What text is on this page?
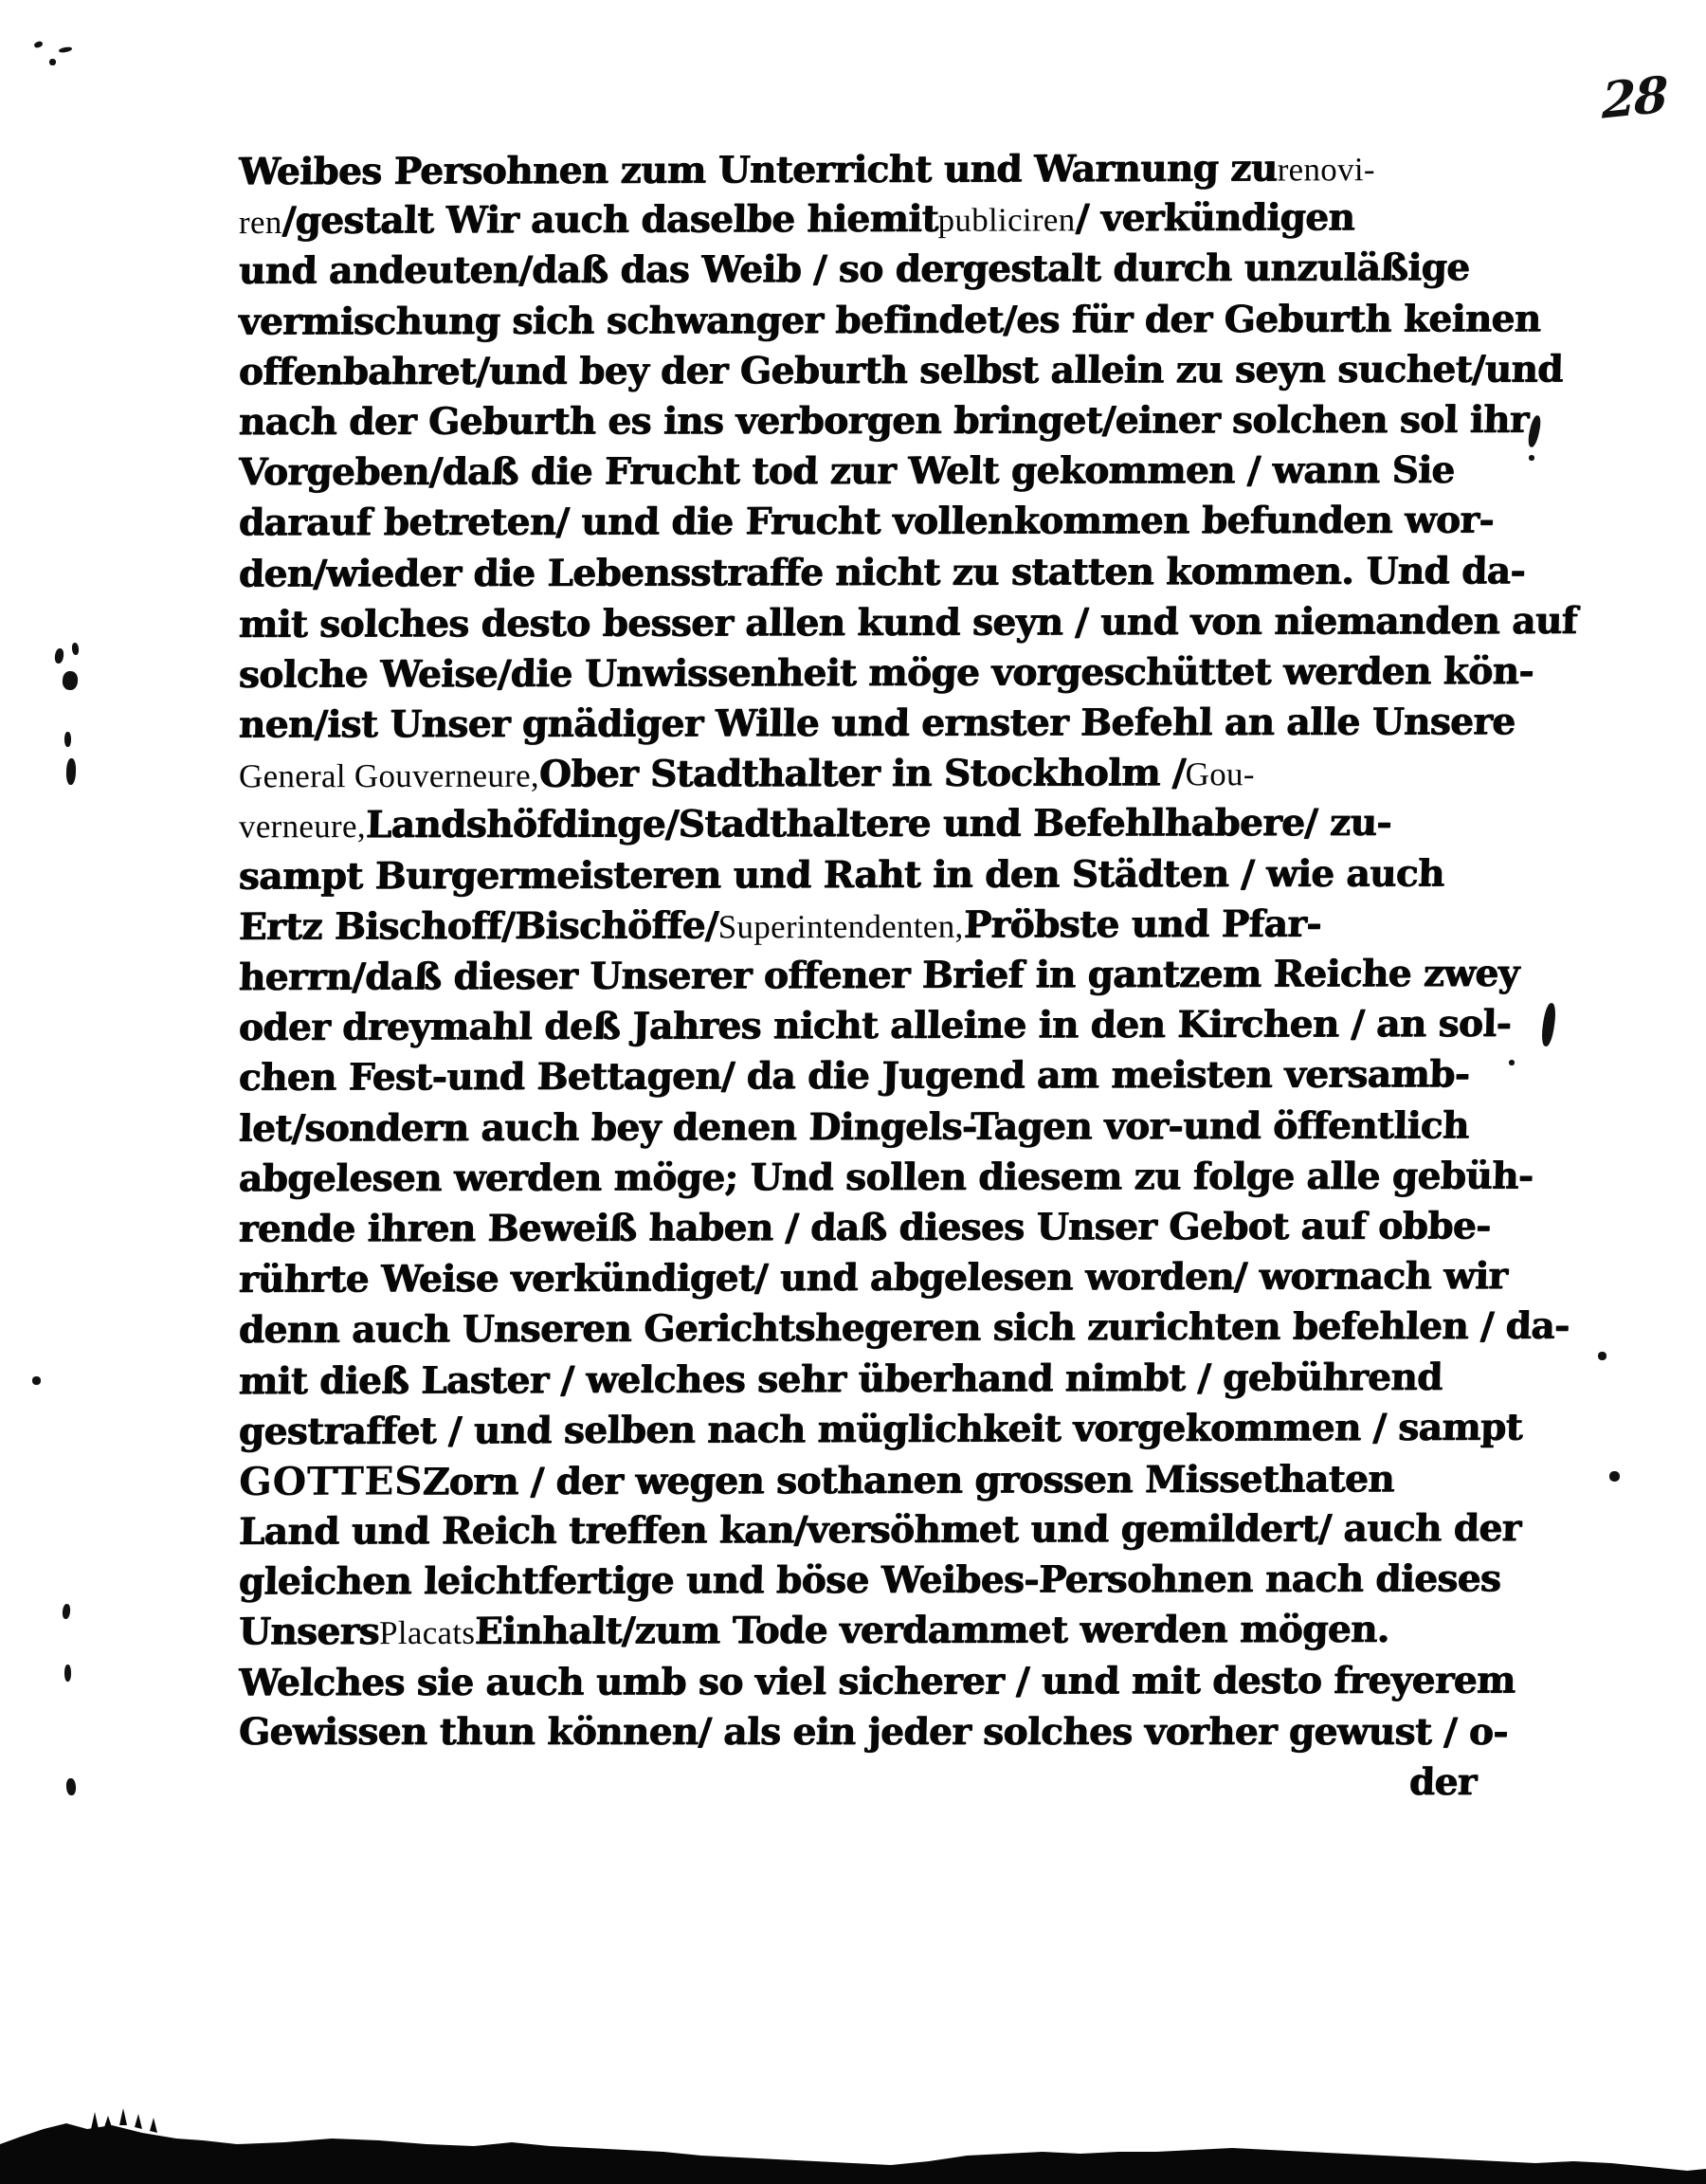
28
Weibes Persohnen zum Unterricht und Warnung zurenovi-
ren/gestalt Wir auch daselbe hiemitpubliciren/ verkündigen
und andeuten/daß das Weib / so dergestalt durch unzuläßige
vermischung sich schwanger befindet/es für der Geburth keinen
offenbahret/und bey der Geburth selbst allein zu seyn suchet/und
nach der Geburth es ins verborgen bringet/einer solchen sol ihr
Vorgeben/daß die Frucht tod zur Welt gekommen / wann Sie
darauf betreten/ und die Frucht vollenkommen befunden wor-
den/wieder die Lebensstraffe nicht zu statten kommen. Und da-
mit solches desto besser allen kund seyn / und von niemanden auf
solche Weise/die Unwissenheit möge vorgeschüttet werden kön-
nen/ist Unser gnädiger Wille und ernster Befehl an alle Unsere
General Gouverneure,Ober Stadthalter in Stockholm /Gou-
verneure,Landshöfdinge/Stadthaltere und Befehlhabere/ zu-
sampt Burgermeisteren und Raht in den Städten / wie auch
Ertz Bischoff/Bischöffe/Superintendenten,Pröbste und Pfar-
herrn/daß dieser Unserer offener Brief in gantzem Reiche zwey
oder dreymahl deß Jahres nicht alleine in den Kirchen / an sol-
chen Fest-und Bettagen/ da die Jugend am meisten versamb-
let/sondern auch bey denen Dingels-Tagen vor-und öffentlich
abgelesen werden möge; Und sollen diesem zu folge alle gebüh-
rende ihren Beweiß haben / daß dieses Unser Gebot auf obbe-
rührte Weise verkündiget/ und abgelesen worden/ wornach wir
denn auch Unseren Gerichtshegeren sich zurichten befehlen / da-
mit dieß Laster / welches sehr überhand nimbt / gebührend
gestraffet / und selben nach müglichkeit vorgekommen / sampt
GOTTESZorn / der wegen sothanen grossen Missethaten
Land und Reich treffen kan/versöhmet und gemildert/ auch der
gleichen leichtfertige und böse Weibes-Persohnen nach dieses
UnsersPlacatsEinhalt/zum Tode verdammet werden mögen.
Welches sie auch umb so viel sicherer / und mit desto freyerem
Gewissen thun können/ als ein jeder solches vorher gewust / o-
der
